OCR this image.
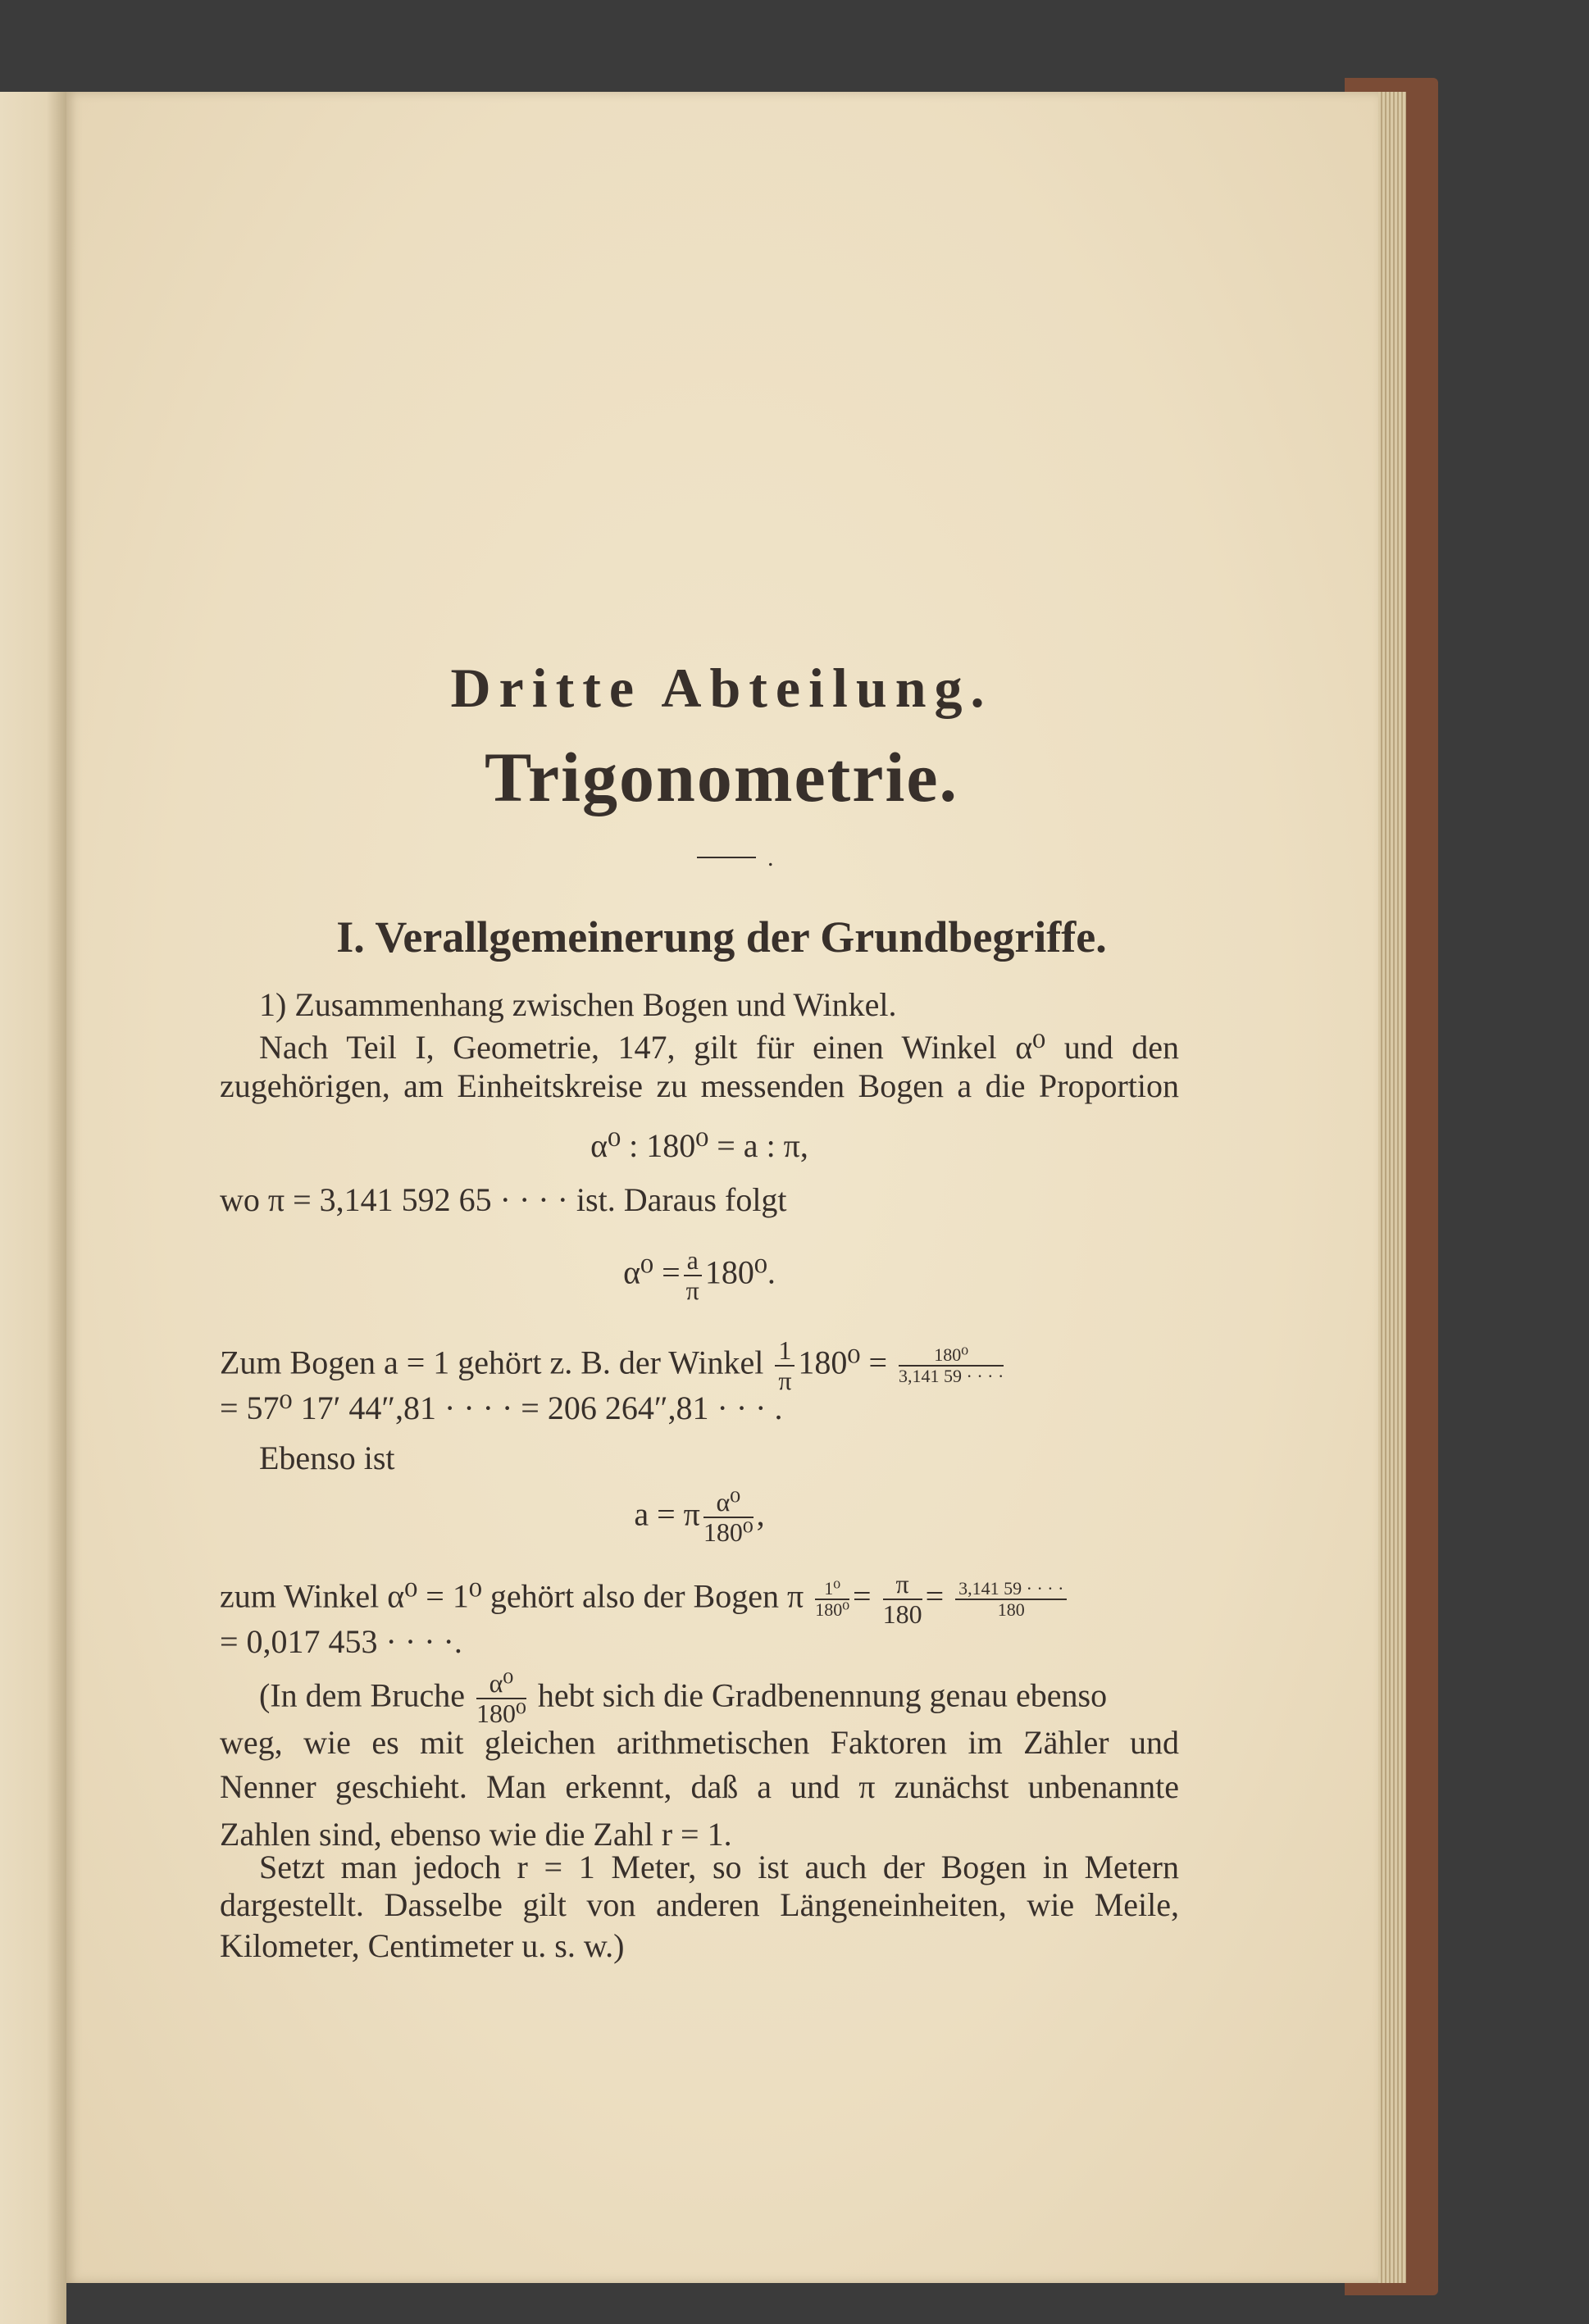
Dritte Abteilung.
Trigonometrie.
.
I. Verallgemeinerung der Grundbegriffe.
1) Zusammenhang zwischen Bogen und Winkel.
Nach Teil I, Geometrie, 147, gilt für einen Winkel α⁰ und den
zugehörigen, am Einheitskreise zu messenden Bogen a die Proportion
α⁰ : 180⁰ = a : π,
wo π = 3,141 592 65 · · · · ist. Daraus folgt
$\alpha^0 = \frac{a}{\pi} 180^0$.
Zum Bogen a = 1 gehört z. B. der Winkel $\frac{1}{\pi} 180^0 = \frac{\text{180⁰}}{3,141 59 \cdot \cdot \cdot \cdot}$
= 57⁰ 17′ 44″,81 · · · · = 206 264″,81 · · · .
Ebenso ist
a = π $\frac{\text{α⁰}}{\text{180⁰}}$ ,
zum Winkel α⁰ = 1⁰ gehört also der Bogen π $\frac{\text{1⁰}}{\text{180⁰}} = \frac{\pi}{180} = \frac{3,141 59 \cdot \cdot \cdot \cdot}{180}$
= 0,017 453 · · · ·.
(In dem Bruche $\frac{\text{α⁰}}{\text{180⁰}}$ hebt sich die Gradbenennung genau ebenso
weg, wie es mit gleichen arithmetischen Faktoren im Zähler und
Nenner geschieht. Man erkennt, daß a und π zunächst unbenannte
Zahlen sind, ebenso wie die Zahl r = 1.
Setzt man jedoch r = 1 Meter, so ist auch der Bogen in Metern
dargestellt. Dasselbe gilt von anderen Längeneinheiten, wie Meile,
Kilometer, Centimeter u. s. w.)
